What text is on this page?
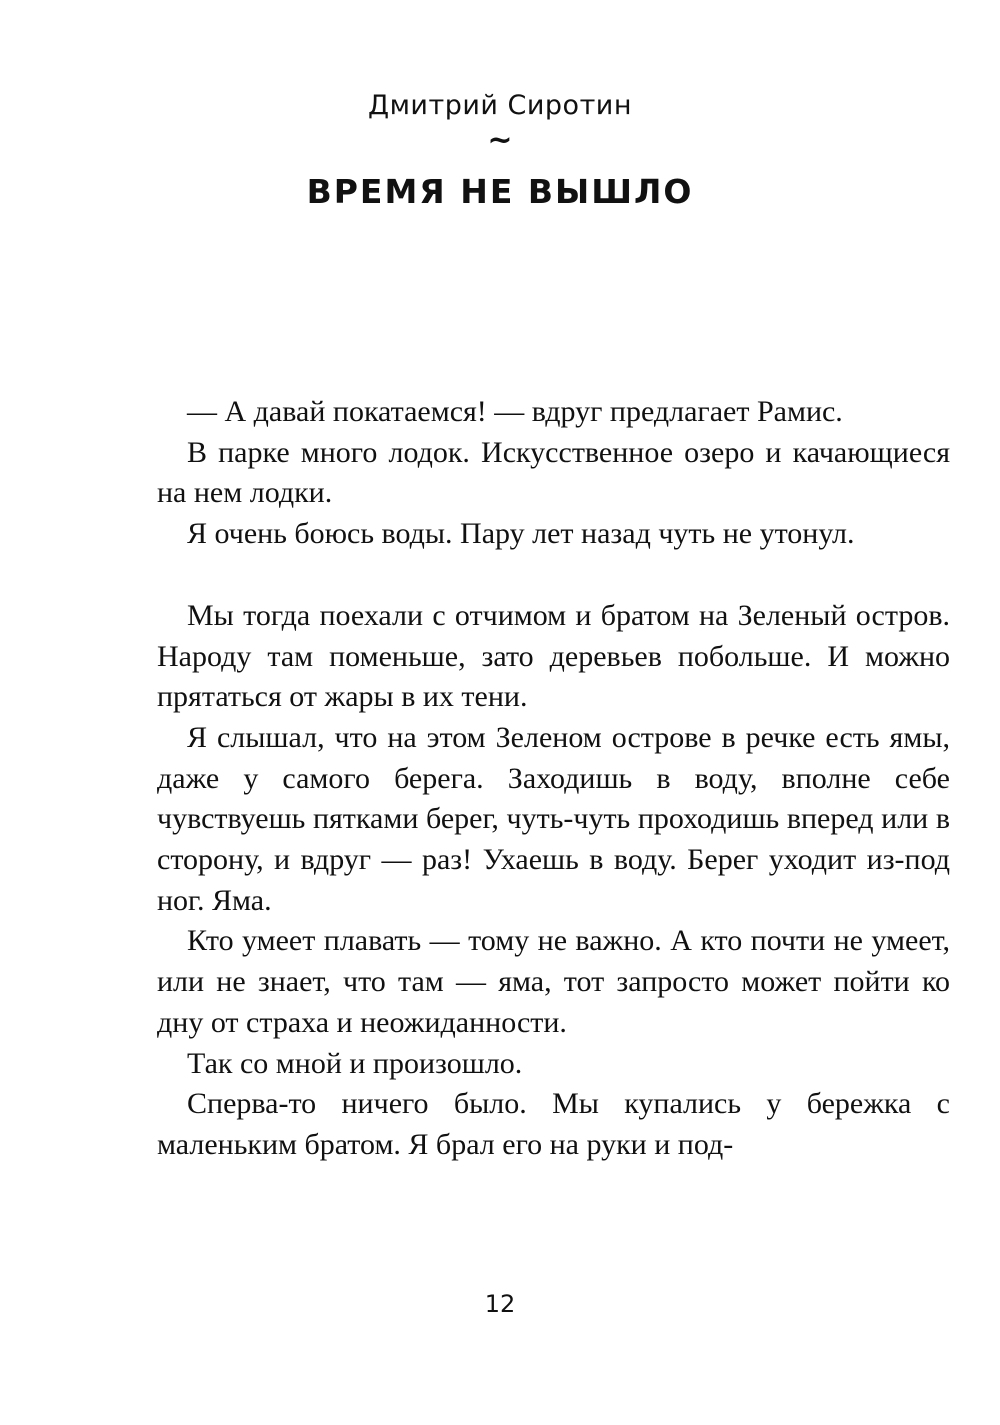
Дмитрий Сиротин
~
ВРЕМЯ НЕ ВЫШЛО

— А давай покатаемся! — вдруг предлагает Рамис.

В парке много лодок. Искусственное озеро и качающиеся на нем лодки.

Я очень боюсь воды. Пару лет назад чуть не утонул.

Мы тогда поехали с отчимом и братом на Зеленый остров. Народу там поменьше, зато деревьев побольше. И можно прятаться от жары в их тени.

Я слышал, что на этом Зеленом острове в речке есть ямы, даже у самого берега. Заходишь в воду, вполне себе чувствуешь пятками берег, чуть-чуть проходишь вперед или в сторону, и вдруг — раз! Ухаешь в воду. Берег уходит из-под ног. Яма.

Кто умеет плавать — тому не важно. А кто почти не умеет, или не знает, что там — яма, тот запросто может пойти ко дну от страха и неожиданности.

Так со мной и произошло.

Сперва-то ничего было. Мы купались у бережка с маленьким братом. Я брал его на руки и под-

12
